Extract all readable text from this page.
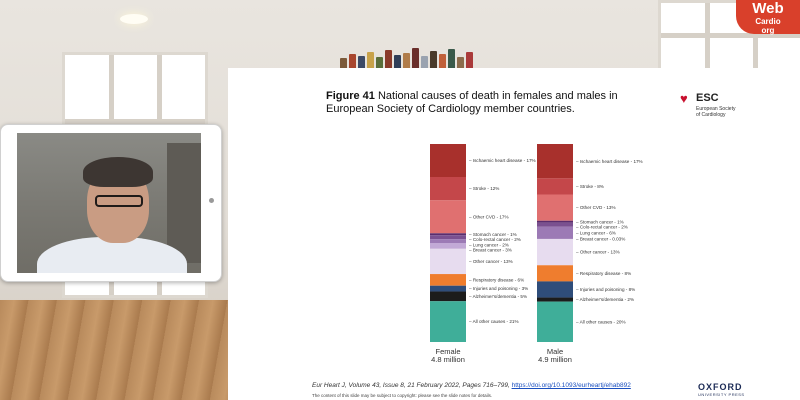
Web
Cardio
org
Figure 41 National causes of death in females and males in European Society of Cardiology member countries.
♥ ESC
European Society
of Cardiology
– Ischaemic heart disease - 17%
– Stroke - 12%
– Other CVD - 17%
– Stomach cancer - 1%
– Colo-rectal cancer - 2%
– Lung cancer - 2%
– Breast cancer - 3%
– Other cancer - 13%
– Respiratory disease - 6%
– Injuries and poisoning - 3%
– Alzheimer's/dementia - 5%
– All other causes - 21%
Female
4.8 million
– Ischaemic heart disease - 17%
– Stroke - 8%
– Other CVD - 13%
– Stomach cancer - 1%
– Colo-rectal cancer - 2%
– Lung cancer - 6%
– Breast cancer - 0.03%
– Other cancer - 13%
– Respiratory disease - 8%
– Injuries and poisoning - 8%
– Alzheimer's/dementia - 2%
– All other causes - 20%
Male
4.9 million
Eur Heart J, Volume 43, Issue 8, 21 February 2022, Pages 716–799, https://doi.org/10.1093/eurheartj/ehab892
The content of this slide may be subject to copyright: please see the slide notes for details.
OXFORD
UNIVERSITY PRESS
